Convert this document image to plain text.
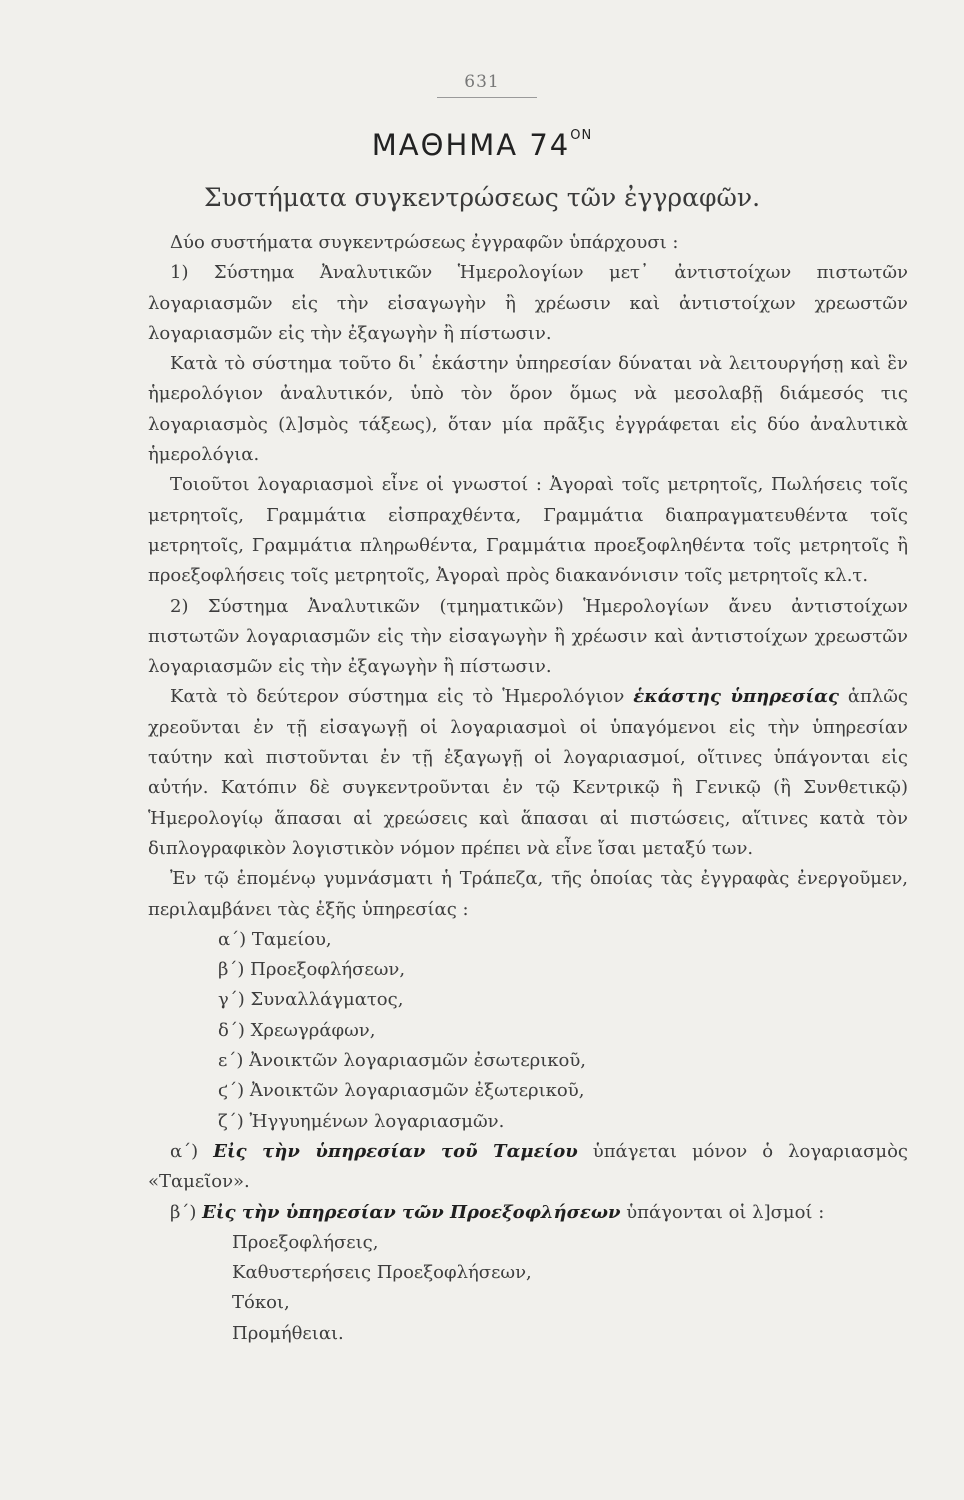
631
ΜΑΘΗΜΑ $74^{ON}$
Συστήματα συγκεντρώσεως τῶν ἐγγραφῶν.

Δύο συστήματα συγκεντρώσεως ἐγγραφῶν ὑπάρχουσι :

1) Σύστημα Ἀναλυτικῶν Ἡμερολογίων μετ᾽ ἀντιστοίχων πιστωτῶν λογαριασμῶν εἰς τὴν εἰσαγωγὴν ἢ χρέωσιν καὶ ἀντιστοίχων χρεωστῶν λογαριασμῶν εἰς τὴν ἐξαγωγὴν ἢ πίστωσιν.

Κατὰ τὸ σύστημα τοῦτο δι᾽ ἑκάστην ὑπηρεσίαν δύναται νὰ λειτουργήσῃ καὶ ἓν ἡμερολόγιον ἀναλυτικόν, ὑπὸ τὸν ὅρον ὅμως νὰ μεσολαβῇ διάμεσός τις λογαριασμὸς (λ]σμὸς τάξεως), ὅταν μία πρᾶξις ἐγγράφεται εἰς δύο ἀναλυτικὰ ἡμερολόγια.

Τοιοῦτοι λογαριασμοὶ εἶνε οἱ γνωστοί : Ἀγοραὶ τοῖς μετρητοῖς, Πωλήσεις τοῖς μετρητοῖς, Γραμμάτια εἰσπραχθέντα, Γραμμάτια διαπραγματευθέντα τοῖς μετρητοῖς, Γραμμάτια πληρωθέντα, Γραμμάτια προεξοφληθέντα τοῖς μετρητοῖς ἢ προεξοφλήσεις τοῖς μετρητοῖς, Ἀγοραὶ πρὸς διακανόνισιν τοῖς μετρητοῖς κλ.τ.

2) Σύστημα Ἀναλυτικῶν (τμηματικῶν) Ἡμερολογίων ἄνευ ἀντιστοίχων πιστωτῶν λογαριασμῶν εἰς τὴν εἰσαγωγὴν ἢ χρέωσιν καὶ ἀντιστοίχων χρεωστῶν λογαριασμῶν εἰς τὴν ἐξαγωγὴν ἢ πίστωσιν.

Κατὰ τὸ δεύτερον σύστημα εἰς τὸ Ἡμερολόγιον ἑκάστης ὑπηρεσίας ἁπλῶς χρεοῦνται ἐν τῇ εἰσαγωγῇ οἱ λογαριασμοὶ οἱ ὑπαγόμενοι εἰς τὴν ὑπηρεσίαν ταύτην καὶ πιστοῦνται ἐν τῇ ἐξαγωγῇ οἱ λογαριασμοί, οἵτινες ὑπάγονται εἰς αὐτήν. Κατόπιν δὲ συγκεντροῦνται ἐν τῷ Κεντρικῷ ἢ Γενικῷ (ἢ Συνθετικῷ) Ἡμερολογίῳ ἅπασαι αἱ χρεώσεις καὶ ἅπασαι αἱ πιστώσεις, αἵτινες κατὰ τὸν διπλογραφικὸν λογιστικὸν νόμον πρέπει νὰ εἶνε ἴσαι μεταξύ των.

Ἐν τῷ ἑπομένῳ γυμνάσματι ἡ Τράπεζα, τῆς ὁποίας τὰς ἐγγραφὰς ἐνεργοῦμεν, περιλαμβάνει τὰς ἑξῆς ὑπηρεσίας :

α΄) Ταμείου,
β΄) Προεξοφλήσεων,
γ΄) Συναλλάγματος,
δ΄) Χρεωγράφων,
ε΄) Ἀνοικτῶν λογαριασμῶν ἐσωτερικοῦ,
ϛ΄) Ἀνοικτῶν λογαριασμῶν ἐξωτερικοῦ,
ζ΄) Ἠγγυημένων λογαριασμῶν.

α΄) Εἰς τὴν ὑπηρεσίαν τοῦ Ταμείου ὑπάγεται μόνον ὁ λογαριασμὸς «Ταμεῖον».

β΄) Εἰς τὴν ὑπηρεσίαν τῶν Προεξοφλήσεων ὑπάγονται οἱ λ]σμοί :

Προεξοφλήσεις,
Καθυστερήσεις Προεξοφλήσεων,
Τόκοι,
Προμήθειαι.
